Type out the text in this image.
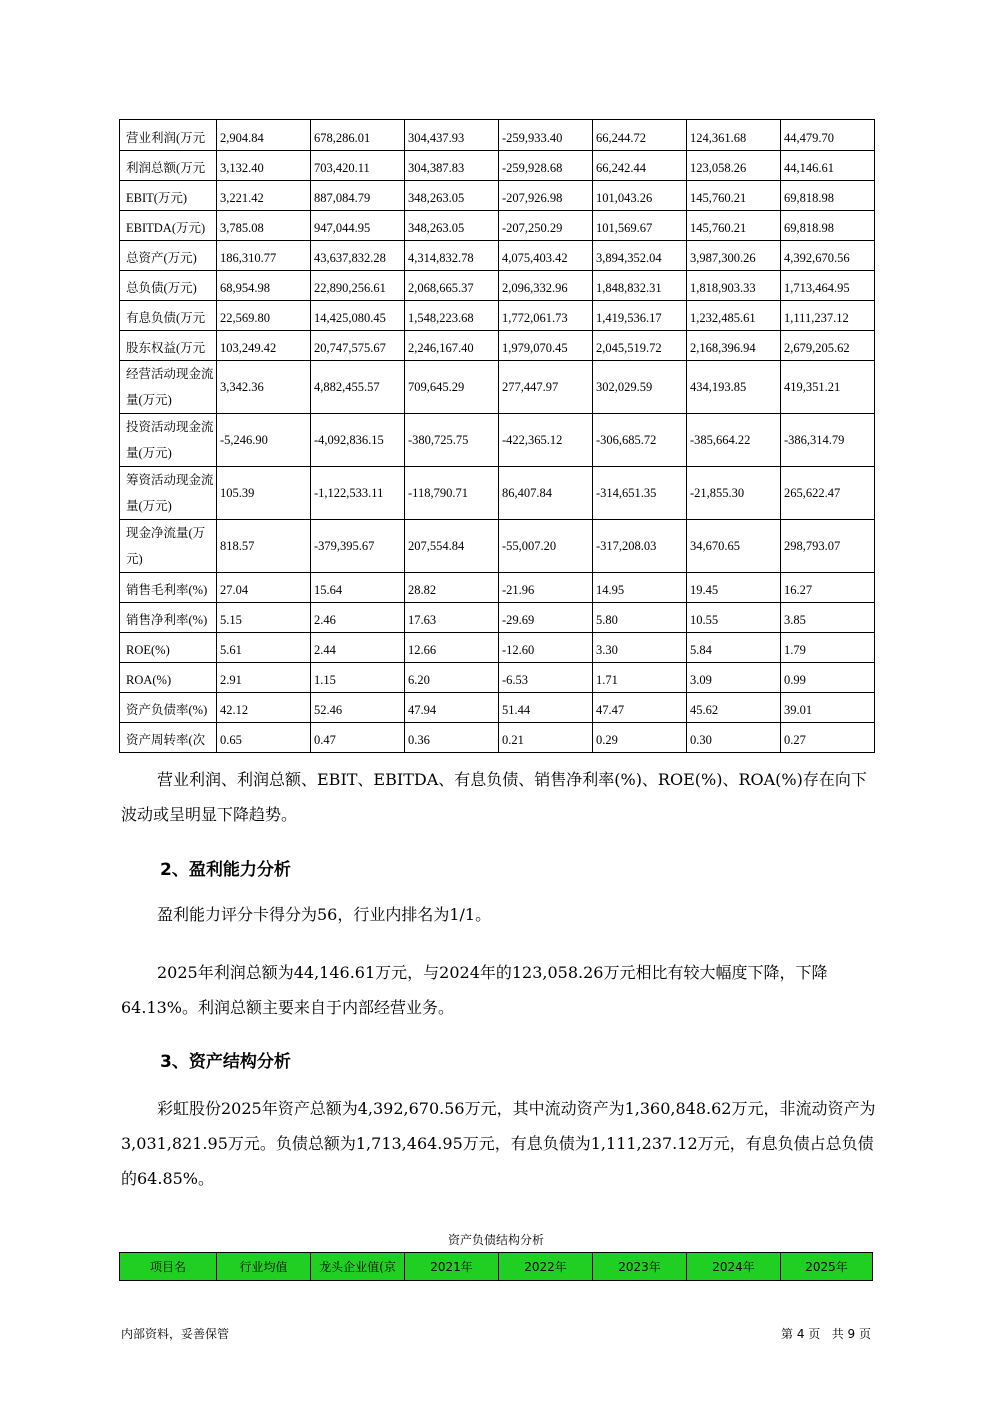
营业利润(万元	2,904.84	678,286.01	304,437.93	-259,933.40	66,244.72	124,361.68	44,479.70
利润总额(万元	3,132.40	703,420.11	304,387.83	-259,928.68	66,242.44	123,058.26	44,146.61
EBIT(万元)	3,221.42	887,084.79	348,263.05	-207,926.98	101,043.26	145,760.21	69,818.98
EBITDA(万元)	3,785.08	947,044.95	348,263.05	-207,250.29	101,569.67	145,760.21	69,818.98
总资产(万元)	186,310.77	43,637,832.28	4,314,832.78	4,075,403.42	3,894,352.04	3,987,300.26	4,392,670.56
总负债(万元)	68,954.98	22,890,256.61	2,068,665.37	2,096,332.96	1,848,832.31	1,818,903.33	1,713,464.95
有息负债(万元	22,569.80	14,425,080.45	1,548,223.68	1,772,061.73	1,419,536.17	1,232,485.61	1,111,237.12
股东权益(万元	103,249.42	20,747,575.67	2,246,167.40	1,979,070.45	2,045,519.72	2,168,396.94	2,679,205.62
经营活动现金流量(万元)	3,342.36	4,882,455.57	709,645.29	277,447.97	302,029.59	434,193.85	419,351.21
投资活动现金流量(万元)	-5,246.90	-4,092,836.15	-380,725.75	-422,365.12	-306,685.72	-385,664.22	-386,314.79
筹资活动现金流量(万元)	105.39	-1,122,533.11	-118,790.71	86,407.84	-314,651.35	-21,855.30	265,622.47
现金净流量(万元)	818.57	-379,395.67	207,554.84	-55,007.20	-317,208.03	34,670.65	298,793.07
销售毛利率(%)	27.04	15.64	28.82	-21.96	14.95	19.45	16.27
销售净利率(%)	5.15	2.46	17.63	-29.69	5.80	10.55	3.85
ROE(%)	5.61	2.44	12.66	-12.60	3.30	5.84	1.79
ROA(%)	2.91	1.15	6.20	-6.53	1.71	3.09	0.99
资产负债率(%)	42.12	52.46	47.94	51.44	47.47	45.62	39.01
资产周转率(次	0.65	0.47	0.36	0.21	0.29	0.30	0.27

营业利润、利润总额、EBIT、EBITDA、有息负债、销售净利率(%)、ROE(%)、ROA(%)存在向下波动或呈明显下降趋势。

2、盈利能力分析

盈利能力评分卡得分为56，行业内排名为1/1。

2025年利润总额为44,146.61万元，与2024年的123,058.26万元相比有较大幅度下降，下降64.13%。利润总额主要来自于内部经营业务。

3、资产结构分析

彩虹股份2025年资产总额为4,392,670.56万元，其中流动资产为1,360,848.62万元，非流动资产为3,031,821.95万元。负债总额为1,713,464.95万元，有息负债为1,111,237.12万元，有息负债占总负债的64.85%。

资产负债结构分析
项目名	行业均值	龙头企业值(京	2021年	2022年	2023年	2024年	2025年
内部资料，妥善保管	第 4 页   共 9 页
